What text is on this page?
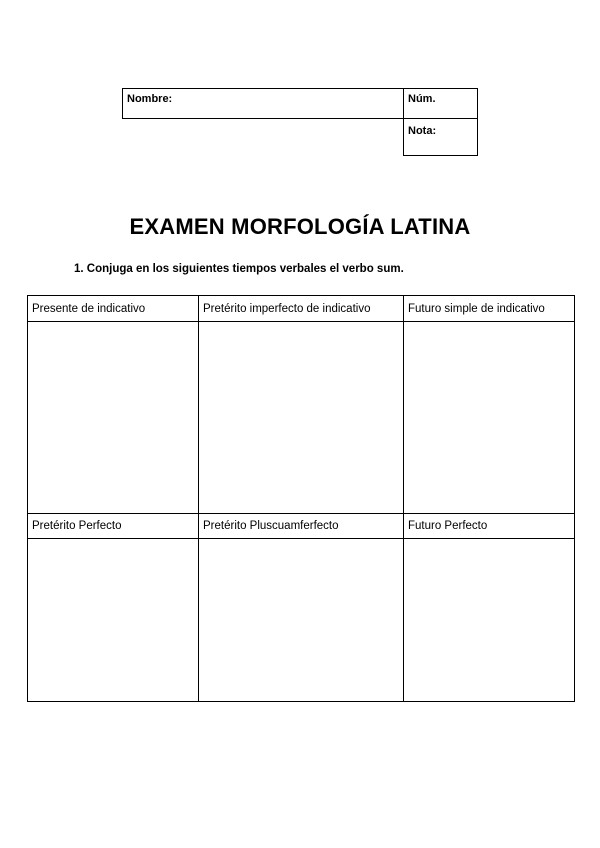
Nombre:	Núm.
	Nota:
EXAMEN MORFOLOGÍA LATINA
1. Conjuga en los siguientes tiempos verbales el verbo sum.
Presente de indicativo	Pretérito imperfecto de indicativo	Futuro simple de indicativo

Pretérito Perfecto	Pretérito Pluscuamferfecto	Futuro Perfecto
